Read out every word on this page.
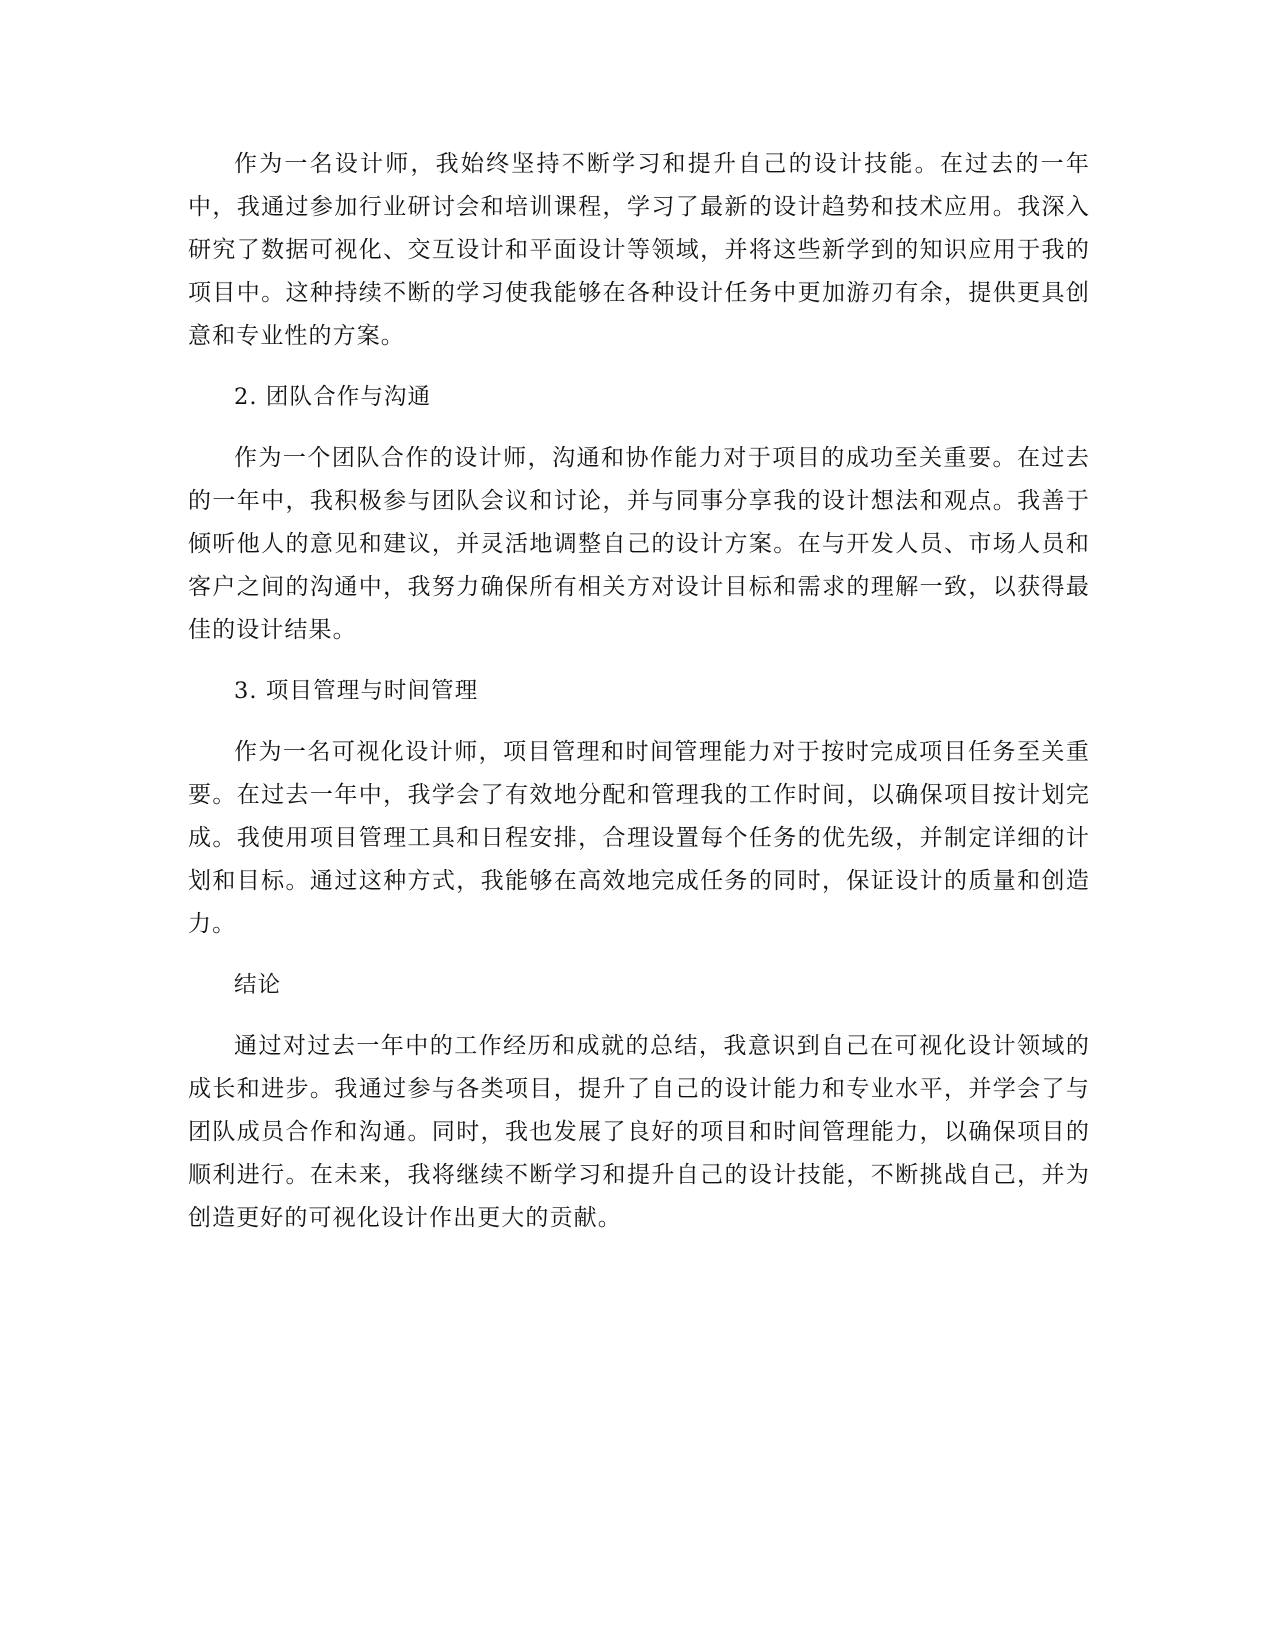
作为一名设计师，我始终坚持不断学习和提升自己的设计技能。在过去的一年中，我通过参加行业研讨会和培训课程，学习了最新的设计趋势和技术应用。我深入研究了数据可视化、交互设计和平面设计等领域，并将这些新学到的知识应用于我的项目中。这种持续不断的学习使我能够在各种设计任务中更加游刃有余，提供更具创意和专业性的方案。

2. 团队合作与沟通

作为一个团队合作的设计师，沟通和协作能力对于项目的成功至关重要。在过去的一年中，我积极参与团队会议和讨论，并与同事分享我的设计想法和观点。我善于倾听他人的意见和建议，并灵活地调整自己的设计方案。在与开发人员、市场人员和客户之间的沟通中，我努力确保所有相关方对设计目标和需求的理解一致，以获得最佳的设计结果。

3. 项目管理与时间管理

作为一名可视化设计师，项目管理和时间管理能力对于按时完成项目任务至关重要。在过去一年中，我学会了有效地分配和管理我的工作时间，以确保项目按计划完成。我使用项目管理工具和日程安排，合理设置每个任务的优先级，并制定详细的计划和目标。通过这种方式，我能够在高效地完成任务的同时，保证设计的质量和创造力。

结论

通过对过去一年中的工作经历和成就的总结，我意识到自己在可视化设计领域的成长和进步。我通过参与各类项目，提升了自己的设计能力和专业水平，并学会了与团队成员合作和沟通。同时，我也发展了良好的项目和时间管理能力，以确保项目的顺利进行。在未来，我将继续不断学习和提升自己的设计技能，不断挑战自己，并为创造更好的可视化设计作出更大的贡献。
